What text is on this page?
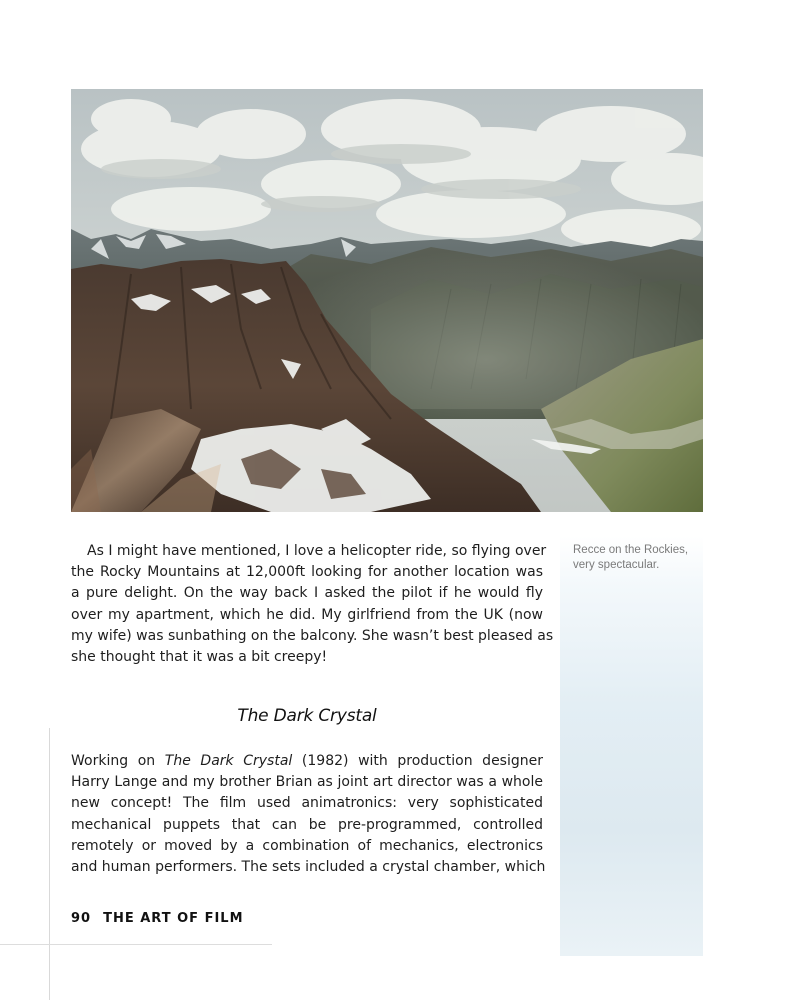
Recce on the Rockies,
very spectacular.
As I might have mentioned, I love a helicopter ride, so flying over
the Rocky Mountains at 12,000ft looking for another location was
a pure delight. On the way back I asked the pilot if he would fly
over my apartment, which he did. My girlfriend from the UK (now
my wife) was sunbathing on the balcony. She wasn’t best pleased as
she thought that it was a bit creepy!
The Dark Crystal
Working on The Dark Crystal (1982) with production designer
Harry Lange and my brother Brian as joint art director was a whole
new concept! The film used animatronics: very sophisticated
mechanical puppets that can be pre-programmed, controlled
remotely or moved by a combination of mechanics, electronics
and human performers. The sets included a crystal chamber, which
90 THE ART OF FILM
